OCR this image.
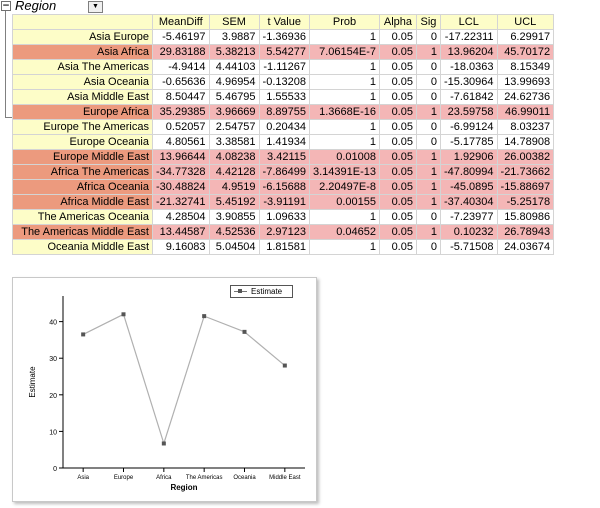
− Region	▼
	MeanDiff	SEM	t Value	Prob	Alpha	Sig	LCL	UCL
Asia Europe	-5.46197	3.9887	-1.36936	1	0.05	0	-17.22311	6.29917
Asia Africa	29.83188	5.38213	5.54277	7.06154E-7	0.05	1	13.96204	45.70172
Asia The Americas	-4.9414	4.44103	-1.11267	1	0.05	0	-18.0363	8.15349
Asia Oceania	-0.65636	4.96954	-0.13208	1	0.05	0	-15.30964	13.99693
Asia Middle East	8.50447	5.46795	1.55533	1	0.05	0	-7.61842	24.62736
Europe Africa	35.29385	3.96669	8.89755	1.3668E-16	0.05	1	23.59758	46.99011
Europe The Americas	0.52057	2.54757	0.20434	1	0.05	0	-6.99124	8.03237
Europe Oceania	4.80561	3.38581	1.41934	1	0.05	0	-5.17785	14.78908
Europe Middle East	13.96644	4.08238	3.42115	0.01008	0.05	1	1.92906	26.00382
Africa The Americas	-34.77328	4.42128	-7.86499	3.14391E-13	0.05	1	-47.80994	-21.73662
Africa Oceania	-30.48824	4.9519	-6.15688	2.20497E-8	0.05	1	-45.0895	-15.88697
Africa Middle East	-21.32741	5.45192	-3.91191	0.00155	0.05	1	-37.40304	-5.25178
The Americas Oceania	4.28504	3.90855	1.09633	1	0.05	0	-7.23977	15.80986
The Americas Middle East	13.44587	4.52536	2.97123	0.04652	0.05	1	0.10232	26.78943
Oceania Middle East	9.16083	5.04504	1.81581	1	0.05	0	-5.71508	24.03674
0
10
20
30
40
Asia	Europe	Africa The Americas Oceania Middle East
Region
Estimate
Estimate
